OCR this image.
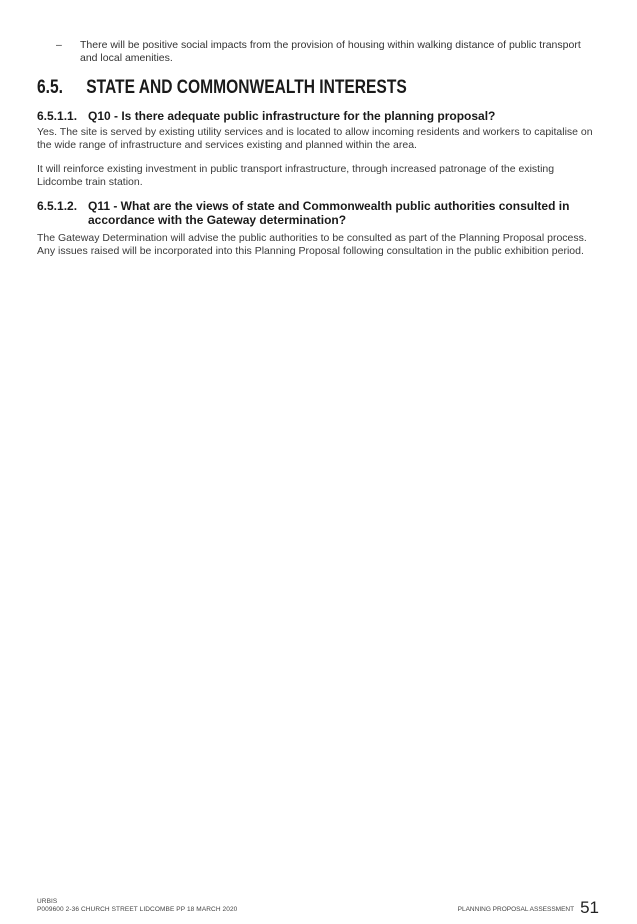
– There will be positive social impacts from the provision of housing within walking distance of public transport and local amenities.
6.5. STATE AND COMMONWEALTH INTERESTS
6.5.1.1. Q10 - Is there adequate public infrastructure for the planning proposal?
Yes. The site is served by existing utility services and is located to allow incoming residents and workers to capitalise on the wide range of infrastructure and services existing and planned within the area.
It will reinforce existing investment in public transport infrastructure, through increased patronage of the existing Lidcombe train station.
6.5.1.2. Q11 - What are the views of state and Commonwealth public authorities consulted in accordance with the Gateway determination?
The Gateway Determination will advise the public authorities to be consulted as part of the Planning Proposal process. Any issues raised will be incorporated into this Planning Proposal following consultation in the public exhibition period.
URBIS
P009600 2-36 CHURCH STREET LIDCOMBE PP 18 MARCH 2020	PLANNING PROPOSAL ASSESSMENT 51
